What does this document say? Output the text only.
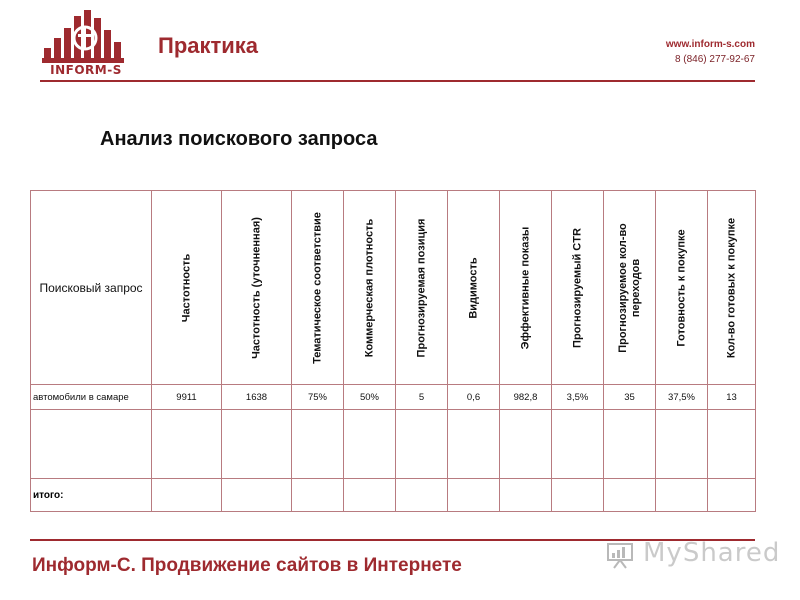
INFORM-S
Практика	www.inform-s.com
8 (846) 277-92-67
Анализ поискового запроса
Поисковый запрос	Частотность	Частотность (уточненная)	Тематическое соответствие	Коммерческая плотность	Прогнозируемая позиция	Видимость	Эффективные показы	Прогнозируемый CTR	Прогнозируемое кол-во переходов	Готовность к покупке	Кол-во готовых к покупке

автомобили в самаре	9911	1638	75%	50%	5	0,6	982,8	3,5%	35	37,5%	13

итого:											
Информ-С. Продвижение сайтов в Интернете	MyShared
